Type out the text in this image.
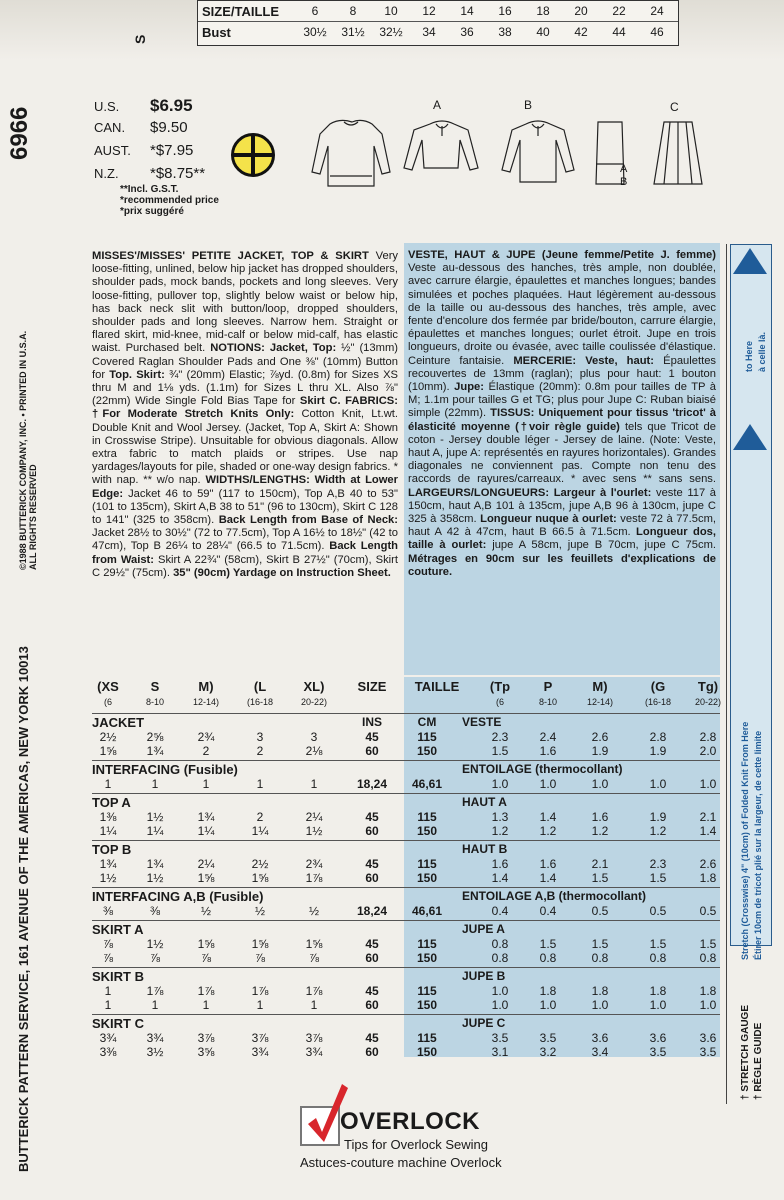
SIZE/TAILLE	6	8	10	12	14	16	18	20	22	24
Bust	30½	31½	32½	34	36	38	40	42	44	46
6966
S
BUTTERICK PATTERN SERVICE, 161 AVENUE OF THE AMERICAS, NEW YORK 10013
©1988 BUTTERICK COMPANY, INC. • PRINTED IN U.S.A. ALL RIGHTS RESERVED
U.S.	$6.95
CAN.	$9.50
AUST.	*$7.95
N.Z.	*$8.75**
**Incl. G.S.T.
*recommended price
*prix suggéré
A	B	C
A
B
MISSES'/MISSES' PETITE JACKET, TOP & SKIRT Very loose-fitting, unlined, below hip jacket has dropped shoulders, shoulder pads, mock bands, pockets and long sleeves. Very loose-fitting, pullover top, slightly below waist or below hip, has back neck slit with button/loop, dropped shoulders, shoulder pads and long sleeves. Narrow hem. Straight or flared skirt, mid-knee, mid-calf or below mid-calf, has elastic waist. Purchased belt. NOTIONS: Jacket, Top: ½" (13mm) Covered Raglan Shoulder Pads and One ⅜" (10mm) Button for Top. Skirt: ¾" (20mm) Elastic; ⅞yd. (0.8m) for Sizes XS thru M and 1⅛ yds. (1.1m) for Sizes L thru XL. Also ⅞"(22mm) Wide Single Fold Bias Tape for Skirt C. FABRICS: †For Moderate Stretch Knits Only: Cotton Knit, Lt.wt. Double Knit and Wool Jersey. (Jacket, Top A, Skirt A: Shown in Crosswise Stripe). Unsuitable for obvious diagonals. Allow extra fabric to match plaids or stripes. Use nap yardages/layouts for pile, shaded or one-way design fabrics. * with nap. ** w/o nap. WIDTHS/LENGTHS: Width at Lower Edge: Jacket 46 to 59" (117 to 150cm), Top A,B 40 to 53" (101 to 135cm), Skirt A,B 38 to 51" (96 to 130cm), Skirt C 128 to 141" (325 to 358cm). Back Length from Base of Neck: Jacket 28½ to 30½" (72 to 77.5cm), Top A 16½ to 18½" (42 to 47cm), Top B 26¼ to 28¼" (66.5 to 71.5cm). Back Length from Waist: Skirt A 22¾" (58cm), Skirt B 27½" (70cm), Skirt C 29½" (75cm). 35" (90cm) Yardage on Instruction Sheet.

VESTE, HAUT & JUPE (Jeune femme/Petite J. femme) Veste au-dessous des hanches, très ample, non doublée, avec carrure élargie, épaulettes et manches longues; bandes simulées et poches plaquées. Haut légèrement au-dessous de la taille ou au-dessous des hanches, très ample, avec fente d'encolure dos fermée par bride/bouton, carrure élargie, épaulettes et manches longues; ourlet étroit. Jupe en trois longueurs, droite ou évasée, avec taille coulissée d'élastique. Ceinture fantaisie. MERCERIE: Veste, haut: Épaulettes recouvertes de 13mm (raglan); plus pour haut: 1 bouton (10mm). Jupe: Élastique (20mm): 0.8m pour tailles de TP à M; 1.1m pour tailles G et TG; plus pour Jupe C: Ruban biaisé simple (22mm). TISSUS: Uniquement pour tissus 'tricot' à élasticité moyenne (†voir règle guide) tels que Tricot de coton - Jersey double léger - Jersey de laine. (Note: Veste, haut A, jupe A: représentés en rayures horizontales). Grandes diagonales ne conviennent pas. Compte non tenu des raccords de rayures/carreaux. * avec sens ** sans sens. LARGEURS/LONGUEURS: Largeur à l'ourlet: veste 117 à 150cm, haut A,B 101 à 135cm, jupe A,B 96 à 130cm, jupe C 325 à 358cm. Longueur nuque à ourlet: veste 72 à 77.5cm, haut A 42 à 47cm, haut B 66.5 à 71.5cm. Longueur dos, taille à ourlet: jupe A 58cm, jupe B 70cm, jupe C 75cm. Métrages en 90cm sur les feuillets d'explications de couture.

(XS	S	M)	(L	XL)	SIZE	TAILLE	(Tp	P	M)	(G	Tg)
(6	8-10	12-14)	(16-18	20-22)	(6	8-10	12-14)	(16-18	20-22)
JACKET	INS	CM	VESTE
2½	2⅝	2¾	3	3	45	115	2.3	2.4	2.6	2.8	2.8
1⅝	1¾	2	2	2⅛	60	150	1.5	1.6	1.9	1.9	2.0
INTERFACING (Fusible)	ENTOILAGE (thermocollant)
1	1	1	1	1	18,24	46,61	1.0	1.0	1.0	1.0	1.0
TOP A	HAUT A
1⅜	1½	1¾	2	2¼	45	115	1.3	1.4	1.6	1.9	2.1
1¼	1¼	1¼	1¼	1½	60	150	1.2	1.2	1.2	1.2	1.4
TOP B	HAUT B
1¾	1¾	2¼	2½	2¾	45	115	1.6	1.6	2.1	2.3	2.6
1½	1½	1⅝	1⅝	1⅞	60	150	1.4	1.4	1.5	1.5	1.8
INTERFACING A,B (Fusible)	ENTOILAGE A,B (thermocollant)
⅜	⅜	½	½	½	18,24	46,61	0.4	0.4	0.5	0.5	0.5
SKIRT A	JUPE A
⅞	1½	1⅝	1⅝	1⅝	45	115	0.8	1.5	1.5	1.5	1.5
⅞	⅞	⅞	⅞	⅞	60	150	0.8	0.8	0.8	0.8	0.8
SKIRT B	JUPE B
1	1⅞	1⅞	1⅞	1⅞	45	115	1.0	1.8	1.8	1.8	1.8
1	1	1	1	1	60	150	1.0	1.0	1.0	1.0	1.0
SKIRT C	JUPE C
3¾	3¾	3⅞	3⅞	3⅞	45	115	3.5	3.5	3.6	3.6	3.6
3⅜	3½	3⅝	3¾	3¾	60	150	3.1	3.2	3.4	3.5	3.5
to Here à celle là.
Stretch (Crosswise) 4" (10cm) of Folded Knit From Here Étirer 10cm de tricot plié sur la largeur, de cette limite
† STRETCH GAUGE † RÈGLE GUIDE
OVERLOCK
Tips for Overlock Sewing
Astuces-couture machine Overlock
